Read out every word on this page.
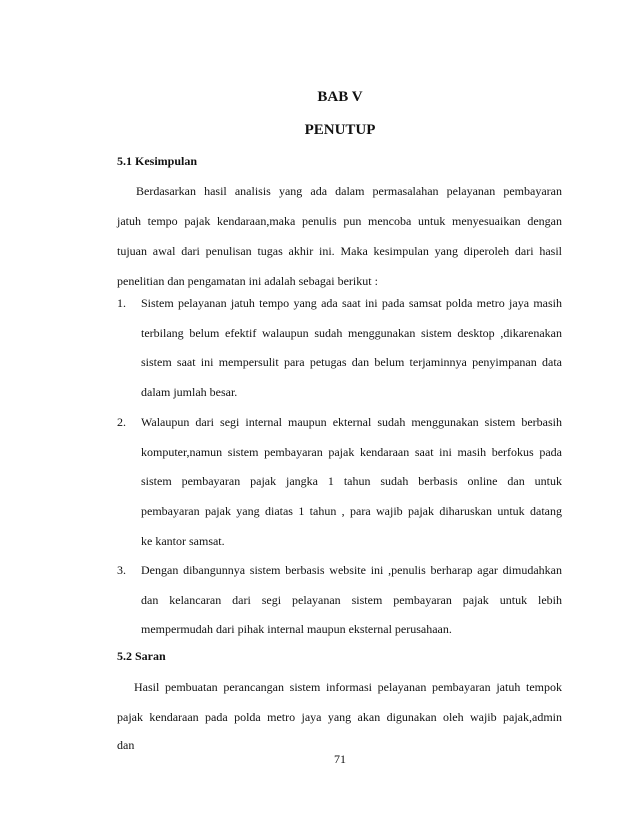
BAB V
PENUTUP
5.1 Kesimpulan
Berdasarkan hasil analisis yang ada dalam permasalahan pelayanan pembayaran
jatuh tempo pajak kendaraan,maka penulis pun mencoba untuk menyesuaikan dengan
tujuan awal dari penulisan tugas akhir ini. Maka kesimpulan yang diperoleh dari hasil
penelitian dan pengamatan ini adalah sebagai berikut :
1. Sistem pelayanan jatuh tempo yang ada saat ini pada samsat polda metro jaya masih
terbilang belum efektif walaupun sudah menggunakan sistem desktop ,dikarenakan
sistem saat ini mempersulit para petugas dan belum terjaminnya penyimpanan data
dalam jumlah besar.
2. Walaupun dari segi internal maupun ekternal sudah menggunakan sistem berbasih
komputer,namun sistem pembayaran pajak kendaraan saat ini masih berfokus pada
sistem pembayaran pajak jangka 1 tahun sudah berbasis online dan untuk
pembayaran pajak yang diatas 1 tahun , para wajib pajak diharuskan untuk datang
ke kantor samsat.
3. Dengan dibangunnya sistem berbasis website ini ,penulis berharap agar dimudahkan
dan kelancaran dari segi pelayanan sistem pembayaran pajak untuk lebih
mempermudah dari pihak internal maupun eksternal perusahaan.
5.2 Saran
Hasil pembuatan perancangan sistem informasi pelayanan pembayaran jatuh tempok
pajak kendaraan pada polda metro jaya yang akan digunakan oleh wajib pajak,admin
dan
71
